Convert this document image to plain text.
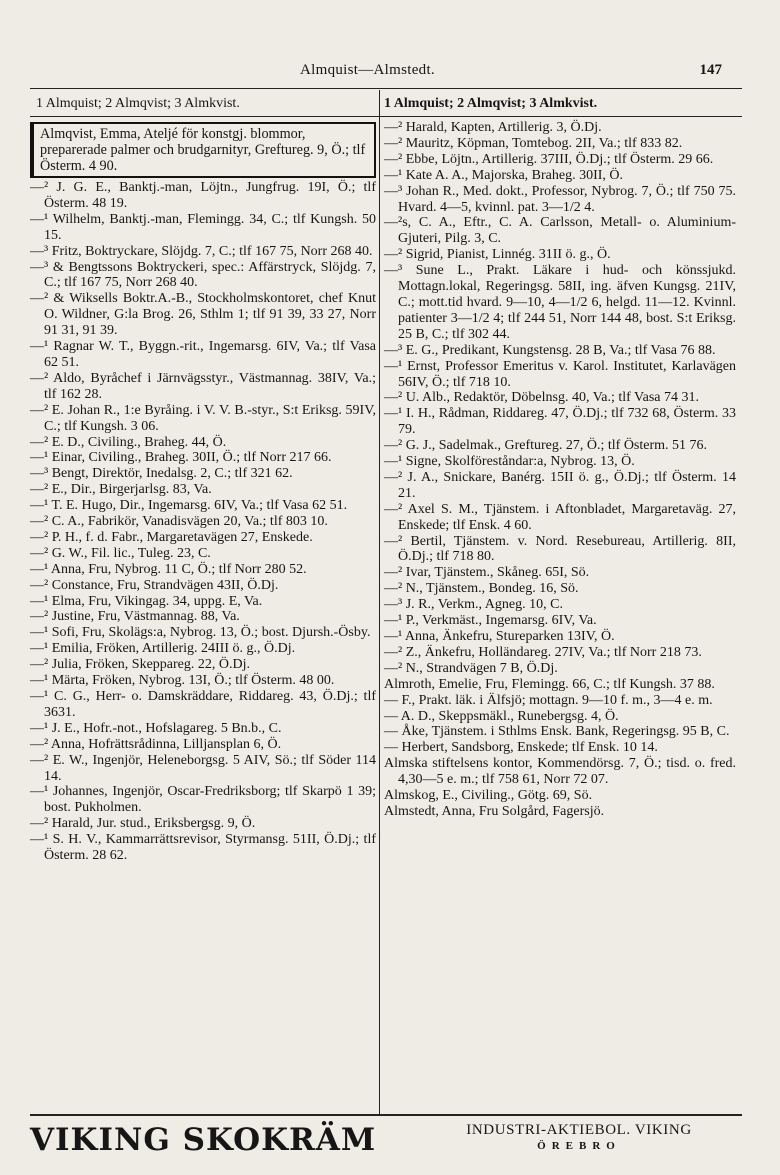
Almquist—Almstedt.	147
1 Almquist; 2 Almqvist; 3 Almkvist.	1 Almquist; 2 Almqvist; 3 Almkvist.
Almqvist, Emma, Atelјé för konstgj. blommor, preparerade palmer och brudgarnityr, Greftureg. 9, Ö.; tlf Österm. 4 90.
—² J. G. E., Banktj.-man, Löjtn., Jungfrug. 19I, Ö.; tlf Österm. 48 19.
—¹ Wilhelm, Banktj.-man, Flemingg. 34, C.; tlf Kungsh. 50 15.
—³ Fritz, Boktryckare, Slöjdg. 7, C.; tlf 167 75, Norr 268 40.
—³ & Bengtssons Boktryckeri, spec.: Affärstryck, Slöjdg. 7, C.; tlf 167 75, Norr 268 40.
—² & Wiksells Boktr.A.-B., Stockholmskontoret, chef Knut O. Wildner, G:la Brog. 26, Sthlm 1; tlf 91 39, 33 27, Norr 91 31, 91 39.
—¹ Ragnar W. T., Byggn.-rit., Ingemarsg. 6IV, Va.; tlf Vasa 62 51.
—² Aldo, Byråchef i Järnvägsstyr., Västmannag. 38IV, Va.; tlf 162 28.
—² E. Johan R., 1:e Byråing. i V. V. B.-styr., S:t Eriksg. 59IV, C.; tlf Kungsh. 3 06.
—² E. D., Civiling., Braheg. 44, Ö.
—¹ Einar, Civiling., Braheg. 30II, Ö.; tlf Norr 217 66.
—³ Bengt, Direktör, Inedalsg. 2, C.; tlf 321 62.
—² E., Dir., Birgerjarlsg. 83, Va.
—¹ T. E. Hugo, Dir., Ingemarsg. 6IV, Va.; tlf Vasa 62 51.
—² C. A., Fabrikör, Vanadisvägen 20, Va.; tlf 803 10.
—² P. H., f. d. Fabr., Margaretavägen 27, Enskede.
—² G. W., Fil. lic., Tuleg. 23, C.
—¹ Anna, Fru, Nybrog. 11 C, Ö.; tlf Norr 280 52.
—² Constance, Fru, Strandvägen 43II, Ö.Dj.
—¹ Elma, Fru, Vikingag. 34, uppg. E, Va.
—² Justine, Fru, Västmannag. 88, Va.
—¹ Sofi, Fru, Skolägs:a, Nybrog. 13, Ö.; bost. Djursh.-Ösby.
—¹ Emilia, Fröken, Artillerig. 24III ö. g., Ö.Dj.
—² Julia, Fröken, Skeppareg. 22, Ö.Dj.
—¹ Märta, Fröken, Nybrog. 13I, Ö.; tlf Österm. 48 00.
—¹ C. G., Herr- o. Damskräddare, Riddareg. 43, Ö.Dj.; tlf 3631.
—¹ J. E., Hofr.-not., Hofslagareg. 5 Bn.b., C.
—² Anna, Hofrättsrådinna, Lilljansplan 6, Ö.
—² E. W., Ingenjör, Heleneborgsg. 5 AIV, Sö.; tlf Söder 114 14.
—¹ Johannes, Ingenjör, Oscar-Fredriksborg; tlf Skarpö 1 39; bost. Pukholmen.
—² Harald, Jur. stud., Eriksbergsg. 9, Ö.
—¹ S. H. V., Kammarrättsrevisor, Styrmansg. 51II, Ö.Dj.; tlf Österm. 28 62.
—² Harald, Kapten, Artillerig. 3, Ö.Dj.
—² Mauritz, Köpman, Tomtebog. 2II, Va.; tlf 833 82.
—² Ebbe, Löjtn., Artillerig. 37III, Ö.Dj.; tlf Österm. 29 66.
—¹ Kate A. A., Majorska, Braheg. 30II, Ö.
—³ Johan R., Med. dokt., Professor, Nybrog. 7, Ö.; tlf 750 75. Hvard. 4—5, kvinnl. pat. 3—1/2 4.
—²s, C. A., Eftr., C. A. Carlsson, Metall- o. Aluminium-Gjuteri, Pilg. 3, C.
—² Sigrid, Pianist, Linnég. 31II ö. g., Ö.
—³ Sune L., Prakt. Läkare i hud- och könssjukd. Mottagn.lokal, Regeringsg. 58II, ing. äfven Kungsg. 21IV, C.; mott.tid hvard. 9—10, 4—1/2 6, helgd. 11—12. Kvinnl. patienter 3—1/2 4; tlf 244 51, Norr 144 48, bost. S:t Eriksg. 25 B, C.; tlf 302 44.
—³ E. G., Predikant, Kungstensg. 28 B, Va.; tlf Vasa 76 88.
—¹ Ernst, Professor Emeritus v. Karol. Institutet, Karlavägen 56IV, Ö.; tlf 718 10.
—² U. Alb., Redaktör, Döbelnsg. 40, Va.; tlf Vasa 74 31.
—¹ I. H., Rådman, Riddareg. 47, Ö.Dj.; tlf 732 68, Österm. 33 79.
—² G. J., Sadelmak., Greftureg. 27, Ö.; tlf Österm. 51 76.
—¹ Signe, Skolföreståndar:a, Nybrog. 13, Ö.
—² J. A., Snickare, Banérg. 15II ö. g., Ö.Dj.; tlf Österm. 14 21.
—² Axel S. M., Tjänstem. i Aftonbladet, Margaretaväg. 27, Enskede; tlf Ensk. 4 60.
—² Bertil, Tjänstem. v. Nord. Resebureau, Artillerig. 8II, Ö.Dj.; tlf 718 80.
—² Ivar, Tjänstem., Skåneg. 65I, Sö.
—² N., Tjänstem., Bondeg. 16, Sö.
—³ J. R., Verkm., Agneg. 10, C.
—¹ P., Verkmäst., Ingemarsg. 6IV, Va.
—¹ Anna, Änkefru, Stureparken 13IV, Ö.
—² Z., Änkefru, Holländareg. 27IV, Va.; tlf Norr 218 73.
—² N., Strandvägen 7 B, Ö.Dj.
Almroth, Emelie, Fru, Flemingg. 66, C.; tlf Kungsh. 37 88.
— F., Prakt. läk. i Älfsjö; mottagn. 9—10 f. m., 3—4 e. m.
— A. D., Skeppsmäkl., Runebergsg. 4, Ö.
— Åke, Tjänstem. i Sthlms Ensk. Bank, Regeringsg. 95 B, C.
— Herbert, Sandsborg, Enskede; tlf Ensk. 10 14.
Almska stiftelsens kontor, Kommendörsg. 7, Ö.; tisd. o. fred. 4,30—5 e. m.; tlf 758 61, Norr 72 07.
Almskog, E., Civiling., Götg. 69, Sö.
Almstedt, Anna, Fru Solgård, Fagersjö.
VIKING SKOKRÄM	INDUSTRI-AKTIEBOL. VIKING
ÖREBRO
